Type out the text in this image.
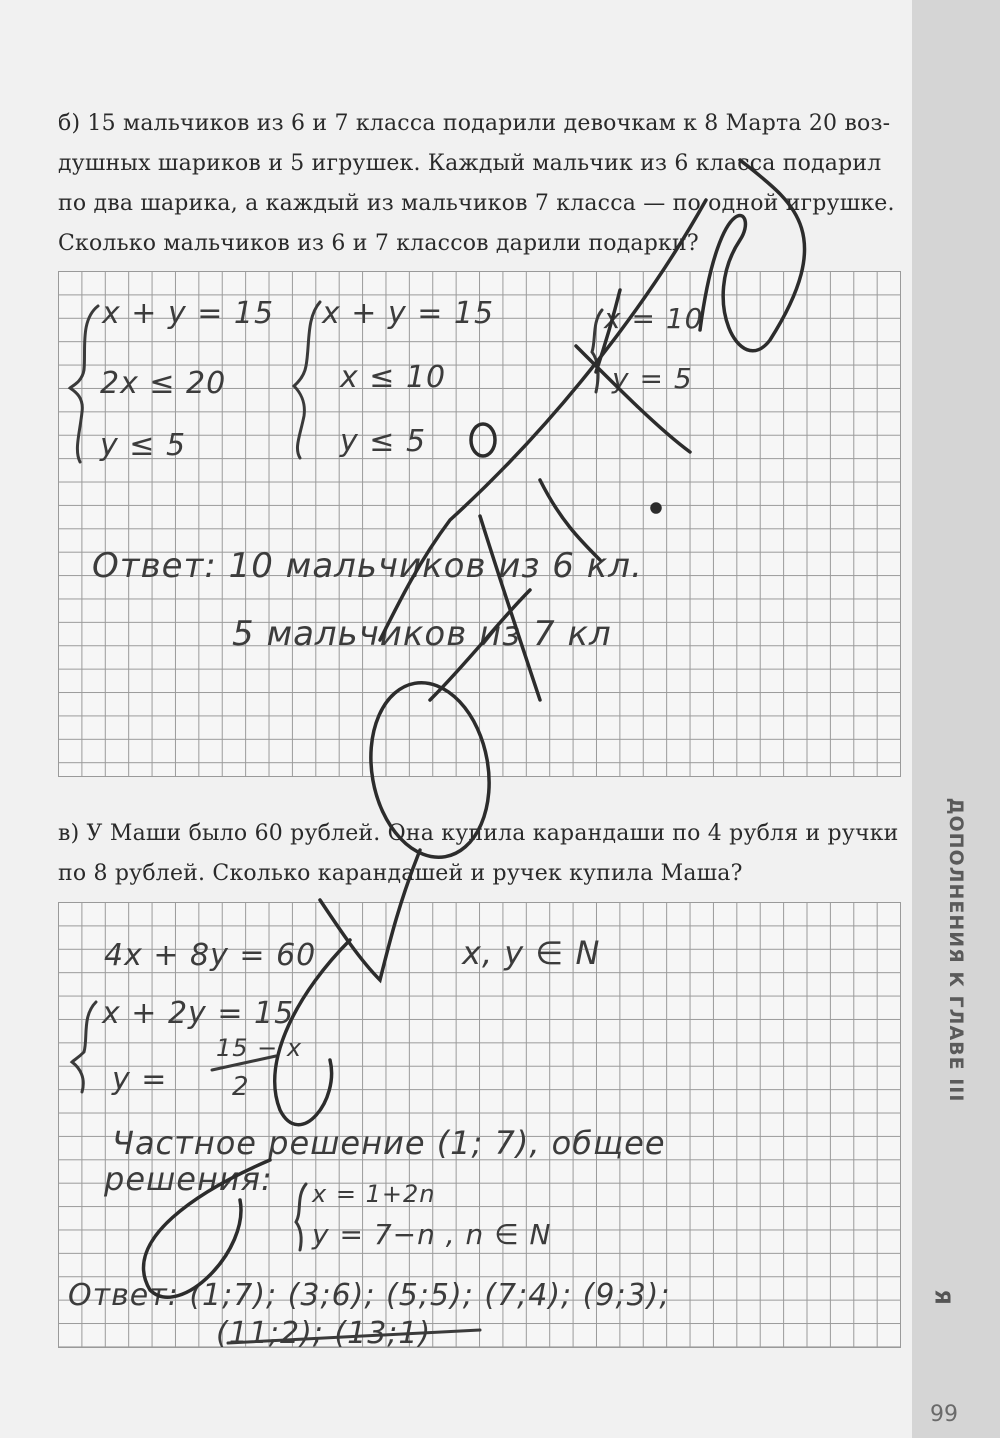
ДОПОЛНЕНИЯ К ГЛАВЕ III
Я
99

б) 15 мальчиков из 6 и 7 класса подарили девочкам к 8 Марта 20 воз-

душных шариков и 5 игрушек. Каждый мальчик из 6 класса подарил

по два шарика, а каждый из мальчиков 7 класса — по одной игрушке.

Сколько мальчиков из 6 и 7 классов дарили подарки?

x + y = 15
2x ≤ 20
y ≤ 5
x + y = 15
x ≤ 10
y ≤ 5
x = 10
y = 5
Ответ: 10 мальчиков из 6 кл.
5 мальчиков из 7 кл

в) У Маши было 60 рублей. Она купила карандаши по 4 рубля и ручки

по 8 рублей. Сколько карандашей и ручек купила Маша?

4x + 8y = 60	x, y ∈ N
x + 2y = 15
15 − x
y = 2
Частное решение (1; 7), общее
решения: x = 1+2n
y = 7−n , n ∈ N
Ответ: (1;7); (3;6); (5;5); (7;4); (9;3);
(11;2); (13;1)
